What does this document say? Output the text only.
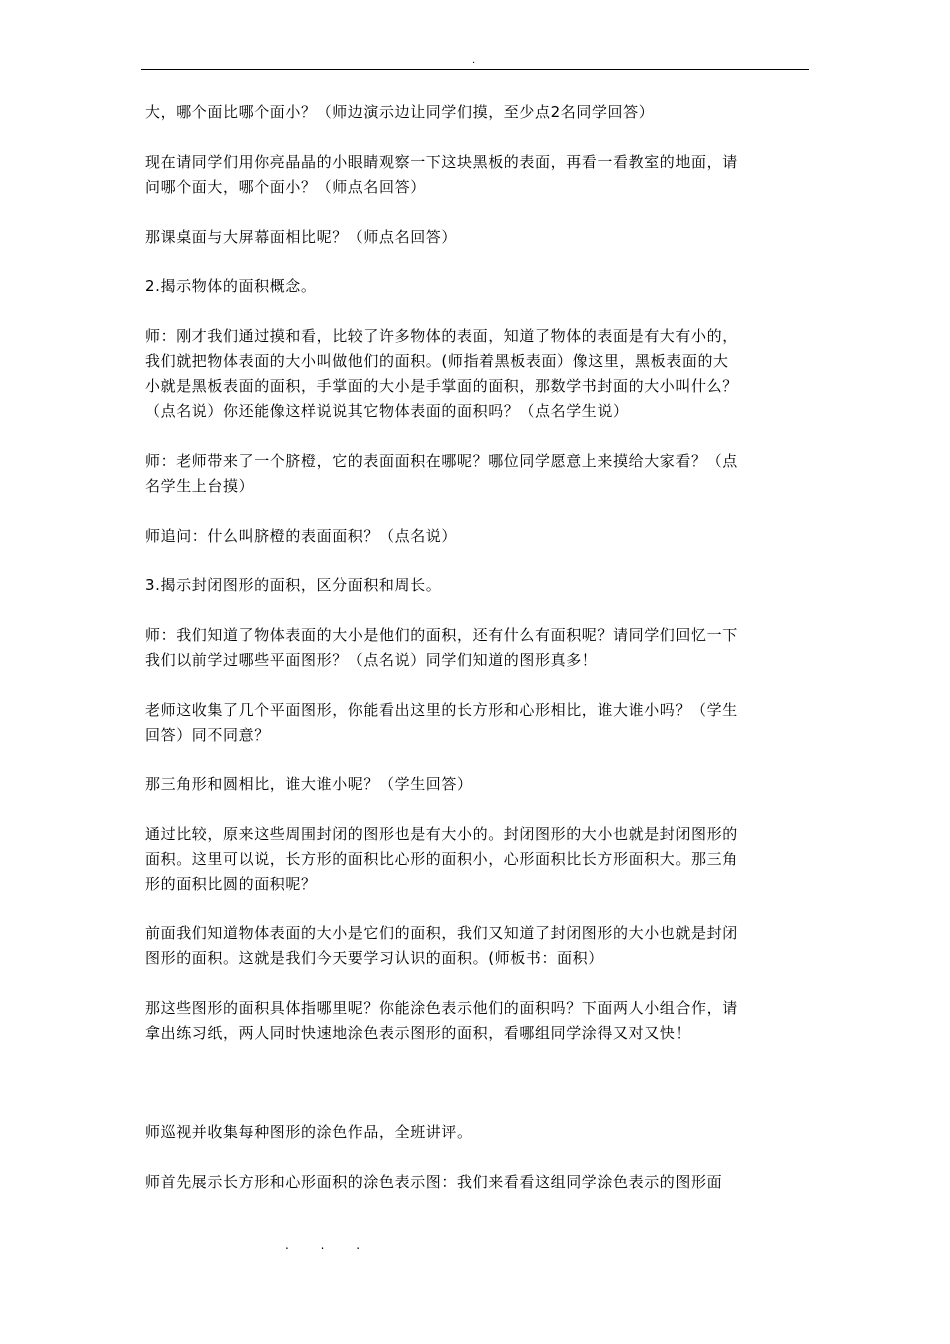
.
大，哪个面比哪个面小？（师边演示边让同学们摸，至少点2名同学回答）
现在请同学们用你亮晶晶的小眼睛观察一下这块黑板的表面，再看一看教室的地面，请
问哪个面大，哪个面小？（师点名回答）
那课桌面与大屏幕面相比呢？（师点名回答）
2.揭示物体的面积概念。
师：刚才我们通过摸和看，比较了许多物体的表面，知道了物体的表面是有大有小的，
我们就把物体表面的大小叫做他们的面积。(师指着黑板表面）像这里，黑板表面的大
小就是黑板表面的面积，手掌面的大小是手掌面的面积，那数学书封面的大小叫什么？
（点名说）你还能像这样说说其它物体表面的面积吗？（点名学生说）
师：老师带来了一个脐橙，它的表面面积在哪呢？哪位同学愿意上来摸给大家看？（点
名学生上台摸）
师追问：什么叫脐橙的表面面积？（点名说）
3.揭示封闭图形的面积，区分面积和周长。
师：我们知道了物体表面的大小是他们的面积，还有什么有面积呢？请同学们回忆一下
我们以前学过哪些平面图形？（点名说）同学们知道的图形真多！
老师这收集了几个平面图形，你能看出这里的长方形和心形相比，谁大谁小吗？（学生
回答）同不同意？
那三角形和圆相比，谁大谁小呢？（学生回答）
通过比较，原来这些周围封闭的图形也是有大小的。封闭图形的大小也就是封闭图形的
面积。这里可以说，长方形的面积比心形的面积小，心形面积比长方形面积大。那三角
形的面积比圆的面积呢？
前面我们知道物体表面的大小是它们的面积，我们又知道了封闭图形的大小也就是封闭
图形的面积。这就是我们今天要学习认识的面积。(师板书：面积）
那这些图形的面积具体指哪里呢？你能涂色表示他们的面积吗？下面两人小组合作，请
拿出练习纸，两人同时快速地涂色表示图形的面积，看哪组同学涂得又对又快！
师巡视并收集每种图形的涂色作品，全班讲评。
师首先展示长方形和心形面积的涂色表示图：我们来看看这组同学涂色表示的图形面
. . .
